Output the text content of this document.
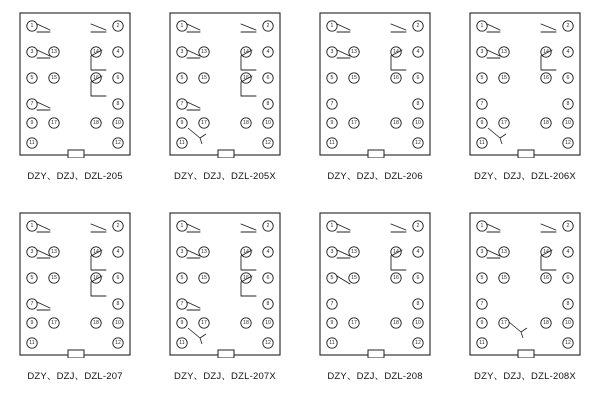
1
3
5
7
9
11
2
4
6
8
10
12
13
15
17
14
16
18
DZY、DZJ、DZL-205
1
3
5
7
9
11
2
4
6
8
10
12
13
15
17
14
16
18
DZY、DZJ、DZL-205X
1
3
5
7
9
11
2
4
6
8
10
12
13
15
17
14
16
18
DZY、DZJ、DZL-206
1
3
5
7
9
11
2
4
6
8
10
12
13
15
17
14
16
18
DZY、DZJ、DZL-206X
1
3
5
7
9
11
2
4
6
8
10
12
13
15
17
14
16
18
DZY、DZJ、DZL-207
1
3
5
7
9
11
2
4
6
8
10
12
13
15
17
14
16
18
DZY、DZJ、DZL-207X
1
3
5
7
9
11
2
4
6
8
10
12
13
15
17
14
16
18
DZY、DZJ、DZL-208
1
3
5
7
9
11
2
4
6
8
10
12
13
15
17
14
16
18
DZY、DZJ、DZL-208X
